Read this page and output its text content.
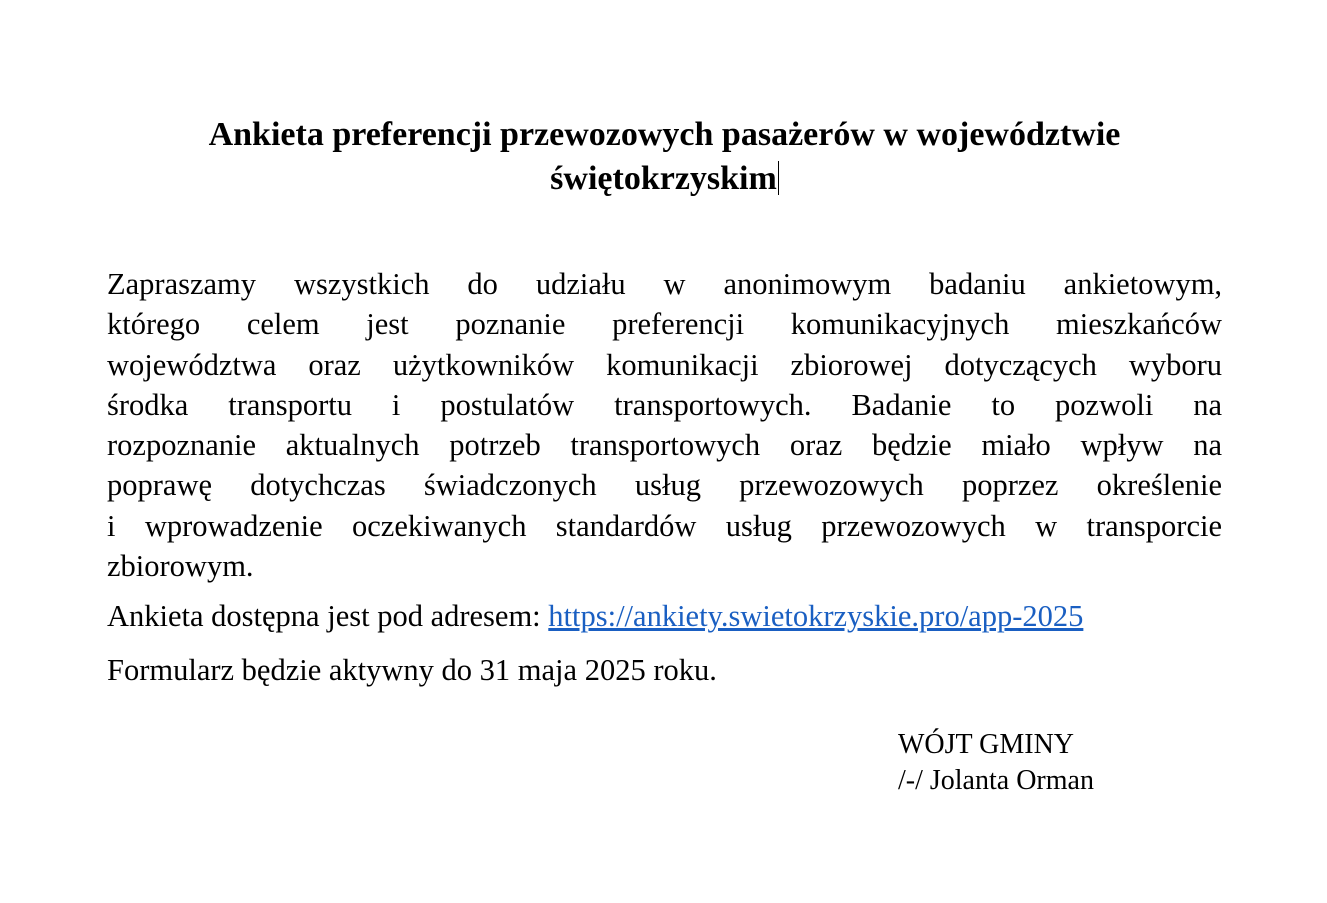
Ankieta preferencji przewozowych pasażerów w województwie
świętokrzyskim
Zapraszamy wszystkich do udziału w anonimowym badaniu ankietowym,
którego celem jest poznanie preferencji komunikacyjnych mieszkańców
województwa oraz użytkowników komunikacji zbiorowej dotyczących wyboru
środka transportu i postulatów transportowych. Badanie to pozwoli na
rozpoznanie aktualnych potrzeb transportowych oraz będzie miało wpływ na
poprawę dotychczas świadczonych usług przewozowych poprzez określenie
i wprowadzenie oczekiwanych standardów usług przewozowych w transporcie
zbiorowym.

Ankieta dostępna jest pod adresem: https://ankiety.swietokrzyskie.pro/app-2025

Formularz będzie aktywny do 31 maja 2025 roku.

WÓJT GMINY
/-/ Jolanta Orman
